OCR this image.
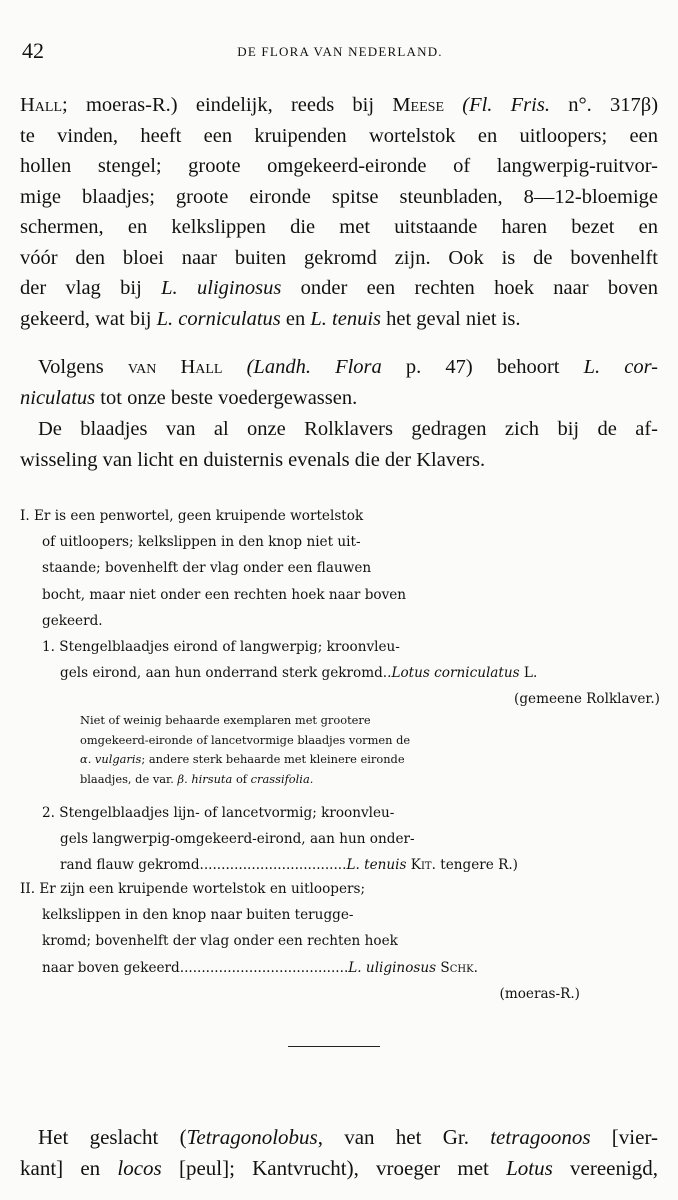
42	DE FLORA VAN NEDERLAND.
Hall; moeras-R.) eindelijk, reeds bij Meese (Fl. Fris. n°. 317β)
te vinden, heeft een kruipenden wortelstok en uitloopers; een
hollen stengel; groote omgekeerd-eironde of langwerpig-ruitvor-
mige blaadjes; groote eironde spitse steunbladen, 8—12-bloemige
schermen, en kelkslippen die met uitstaande haren bezet en
vóór den bloei naar buiten gekromd zijn. Ook is de bovenhelft
der vlag bij L. uliginosus onder een rechten hoek naar boven
gekeerd, wat bij L. corniculatus en L. tenuis het geval niet is.
Volgens van Hall (Landh. Flora p. 47) behoort L. cor-
niculatus tot onze beste voedergewassen.
De blaadjes van al onze Rolklavers gedragen zich bij de af-
wisseling van licht en duisternis evenals die der Klavers.
I. Er is een penwortel, geen kruipende wortelstok
of uitloopers; kelkslippen in den knop niet uit-
staande; bovenhelft der vlag onder een flauwen
bocht, maar niet onder een rechten hoek naar boven
gekeerd.
1. Stengelblaadjes eirond of langwerpig; kroonvleu-
gels eirond, aan hun onderrand sterk gekromd..Lotus corniculatus L.
(gemeene Rolklaver.)
Niet of weinig behaarde exemplaren met grootere
omgekeerd-eironde of lancetvormige blaadjes vormen de
α. vulgaris; andere sterk behaarde met kleinere eironde
blaadjes, de var. β. hirsuta of crassifolia.
2. Stengelblaadjes lijn- of lancetvormig; kroonvleu-
gels langwerpig-omgekeerd-eirond, aan hun onder-
rand flauw gekromd..................................L. tenuis Kit. tengere R.)
II. Er zijn een kruipende wortelstok en uitloopers;
kelkslippen in den knop naar buiten terugge-
kromd; bovenhelft der vlag onder een rechten hoek
naar boven gekeerd.......................................L. uliginosus Schk.
(moeras-R.)
Het geslacht (Tetragonolobus, van het Gr. tetragoonos [vier-
kant] en locos [peul]; Kantvrucht), vroeger met Lotus vereenigd,
